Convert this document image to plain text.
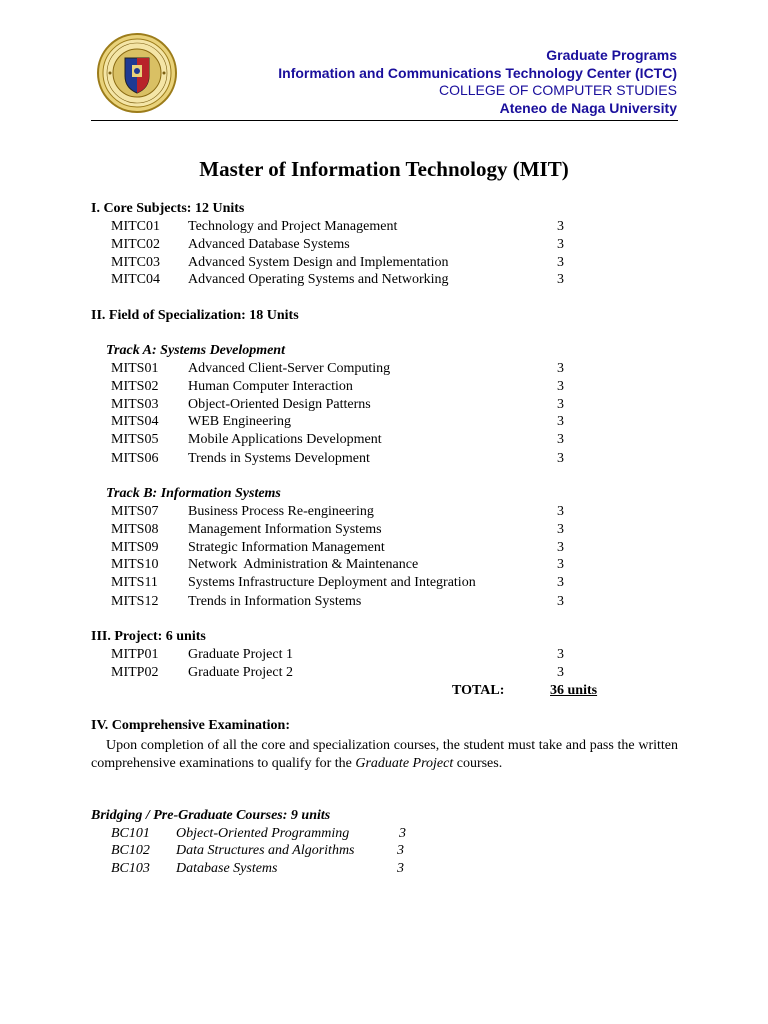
Graduate Programs
Information and Communications Technology Center (ICTC)
COLLEGE OF COMPUTER STUDIES
Ateneo de Naga University
Master of Information Technology (MIT)
I. Core Subjects: 12 Units
MITC01 Technology and Project Management	3
MITC02 Advanced Database Systems	3
MITC03 Advanced System Design and Implementation	3
MITC04 Advanced Operating Systems and Networking	3
II. Field of Specialization: 18 Units
Track A: Systems Development
MITS01 Advanced Client-Server Computing	3
MITS02 Human Computer Interaction	3
MITS03 Object-Oriented Design Patterns	3
MITS04 WEB Engineering	3
MITS05 Mobile Applications Development	3
MITS06 Trends in Systems Development	3
Track B: Information Systems
MITS07 Business Process Re-engineering	3
MITS08 Management Information Systems	3
MITS09 Strategic Information Management	3
MITS10 Network  Administration & Maintenance	3
MITS11 Systems Infrastructure Deployment and Integration	3
MITS12 Trends in Information Systems	3
III. Project: 6 units
MITP01 Graduate Project 1	3
MITP02 Graduate Project 2	3
TOTAL:	36 units
IV. Comprehensive Examination:
Upon completion of all the core and specialization courses, the student must take and pass the written comprehensive examinations to qualify for the Graduate Project courses.
Bridging / Pre-Graduate Courses: 9 units
BC101 Object-Oriented Programming	3
BC102 Data Structures and Algorithms	3
BC103 Database Systems	3
